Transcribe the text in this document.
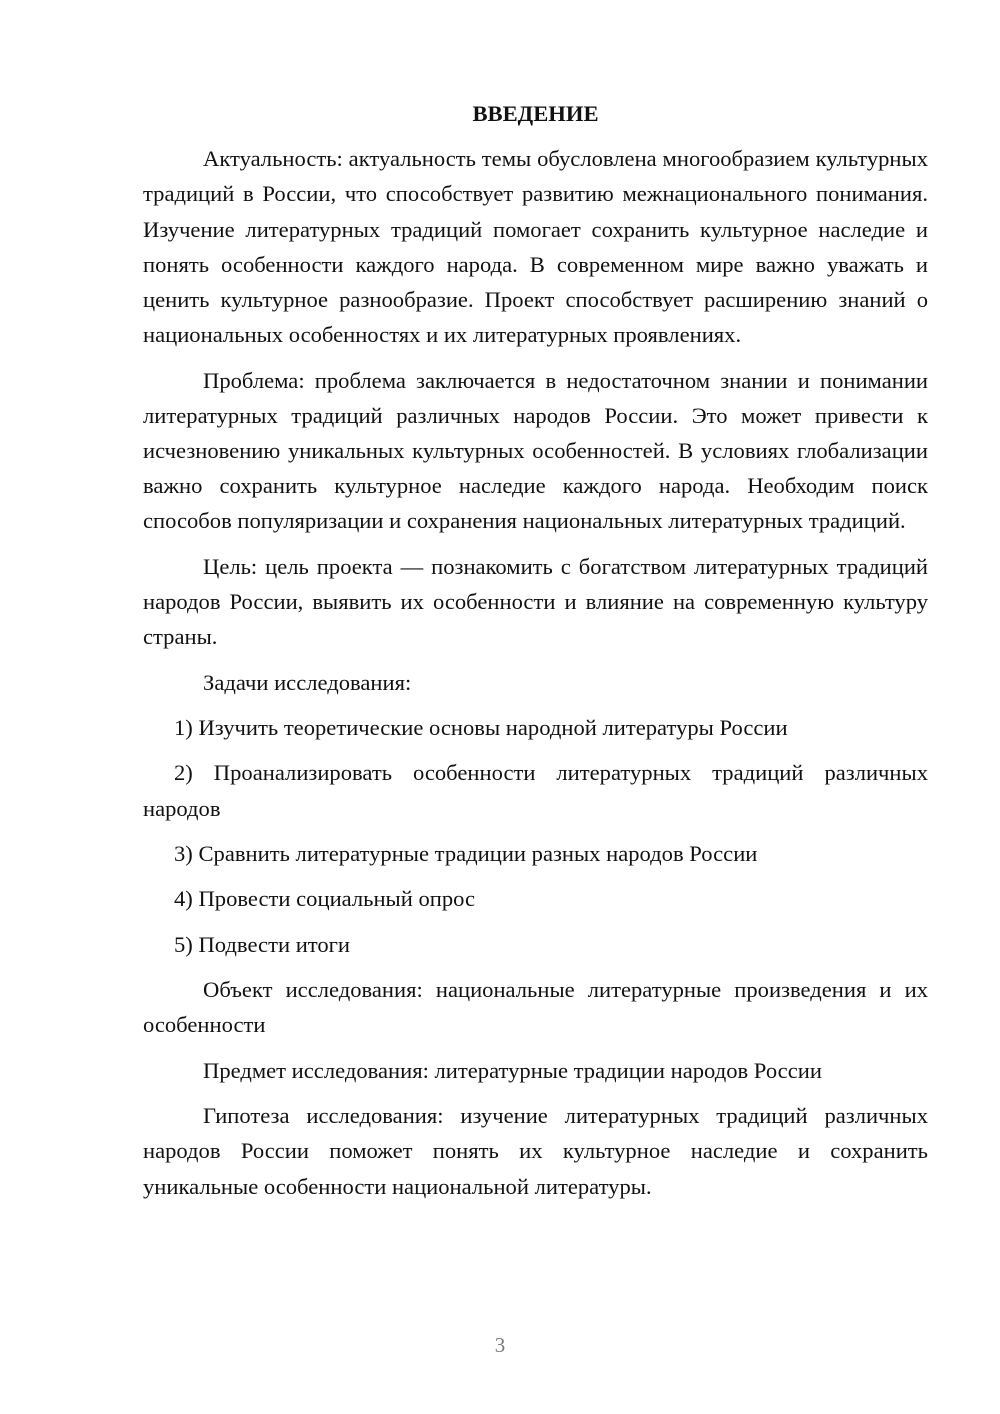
ВВЕДЕНИЕ

Актуальность: актуальность темы обусловлена многообразием культурных традиций в России, что способствует развитию межнационального понимания. Изучение литературных традиций помогает сохранить культурное наследие и понять особенности каждого народа. В современном мире важно уважать и ценить культурное разнообразие. Проект способствует расширению знаний о национальных особенностях и их литературных проявлениях.

Проблема: проблема заключается в недостаточном знании и понимании литературных традиций различных народов России. Это может привести к исчезновению уникальных культурных особенностей. В условиях глобализации важно сохранить культурное наследие каждого народа. Необходим поиск способов популяризации и сохранения национальных литературных традиций.

Цель: цель проекта — познакомить с богатством литературных традиций народов России, выявить их особенности и влияние на современную культуру страны.

Задачи исследования:

1) Изучить теоретические основы народной литературы России

2) Проанализировать особенности литературных традиций различных народов

3) Сравнить литературные традиции разных народов России

4) Провести социальный опрос

5) Подвести итоги

Объект исследования: национальные литературные произведения и их особенности

Предмет исследования: литературные традиции народов России

Гипотеза исследования: изучение литературных традиций различных народов России поможет понять их культурное наследие и сохранить уникальные особенности национальной литературы.

3
